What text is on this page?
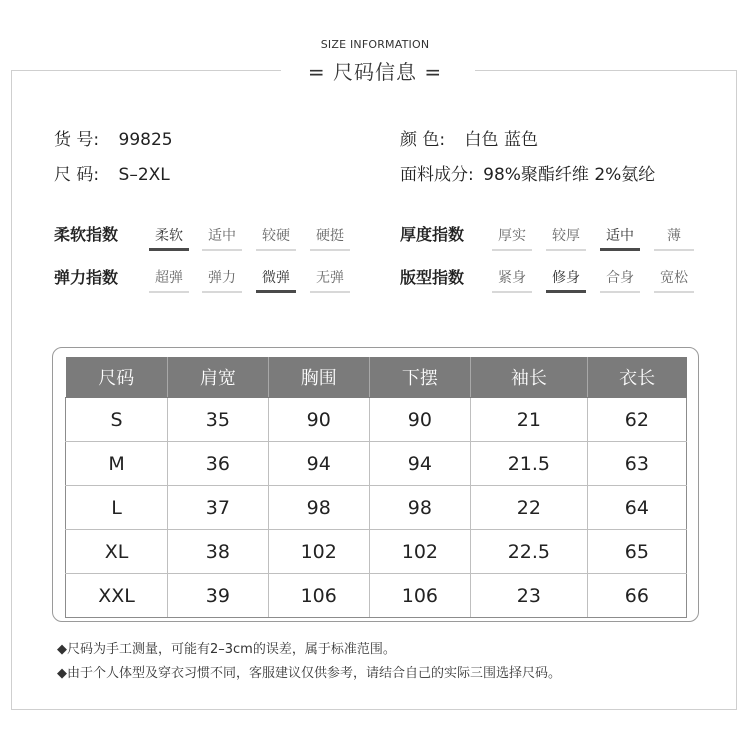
SIZE INFORMATION
= 尺码信息 =
货 号: 99825
尺 码: S–2XL
颜 色: 白色 蓝色
面料成分: 98%聚酯纤维 2%氨纶
柔软指数	柔软	适中	较硬	硬挺
弹力指数	超弹	弹力	微弹	无弹
厚度指数	厚实	较厚	适中	薄
版型指数	紧身	修身	合身	宽松
尺码	肩宽	胸围	下摆	袖长	衣长
S	35	90	90	21	62
M	36	94	94	21.5	63
L	37	98	98	22	64
XL	38	102	102	22.5	65
XXL	39	106	106	23	66
◆尺码为手工测量，可能有2–3cm的误差，属于标准范围。
◆由于个人体型及穿衣习惯不同，客服建议仅供参考，请结合自己的实际三围选择尺码。
